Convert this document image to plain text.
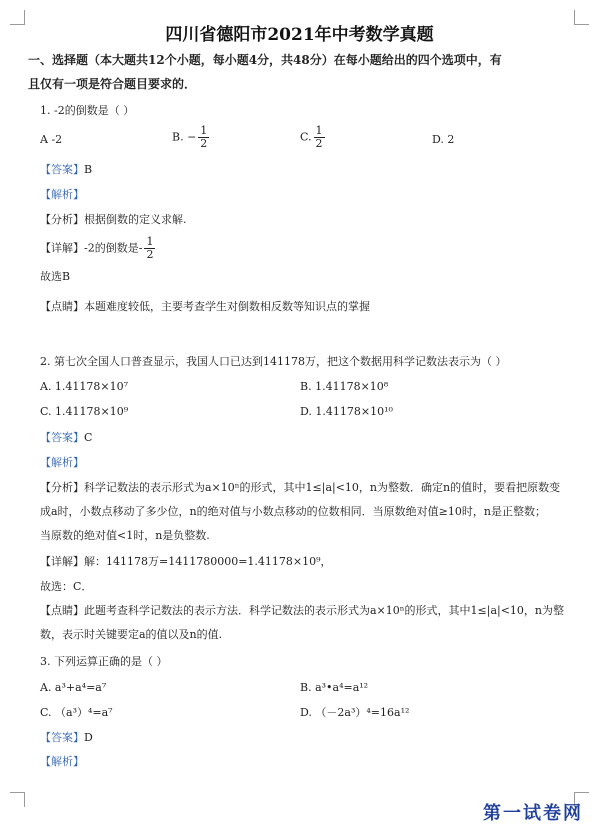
四川省德阳市2021年中考数学真题
一、选择题（本大题共12个小题，每小题4分，共48分）在每小题给出的四个选项中，有
且仅有一项是符合题目要求的．
1. -2的倒数是（ ）
A -2	B. − $\frac{1}{2}$	C. $\frac{1}{2}$	D. 2
【答案】B
【解析】
【分析】根据倒数的定义求解.
【详解】-2的倒数是- $\frac{1}{2}$
故选B
【点睛】本题难度较低，主要考查学生对倒数相反数等知识点的掌握
2. 第七次全国人口普查显示，我国人口已达到141178万，把这个数据用科学记数法表示为（ ）
A. 1.41178×10⁷	B. 1.41178×10⁸
C. 1.41178×10⁹	D. 1.41178×10¹⁰
【答案】C
【解析】
【分析】科学记数法的表示形式为a×10ⁿ的形式，其中1≤|a|<10，n为整数．确定n的值时，要看把原数变
成a时，小数点移动了多少位，n的绝对值与小数点移动的位数相同．当原数绝对值≥10时，n是正整数；
当原数的绝对值<1时，n是负整数.
【详解】解：141178万=1411780000=1.41178×10⁹，
故选：C．
【点睛】此题考查科学记数法的表示方法．科学记数法的表示形式为a×10ⁿ的形式，其中1≤|a|<10，n为整
数，表示时关键要定a的值以及n的值.
3. 下列运算正确的是（ ）
A. a³+a⁴=a⁷	B. a³•a⁴=a¹²
C. （a³）⁴=a⁷	D. （－2a³）⁴=16a¹²
【答案】D
【解析】
第一试卷网
